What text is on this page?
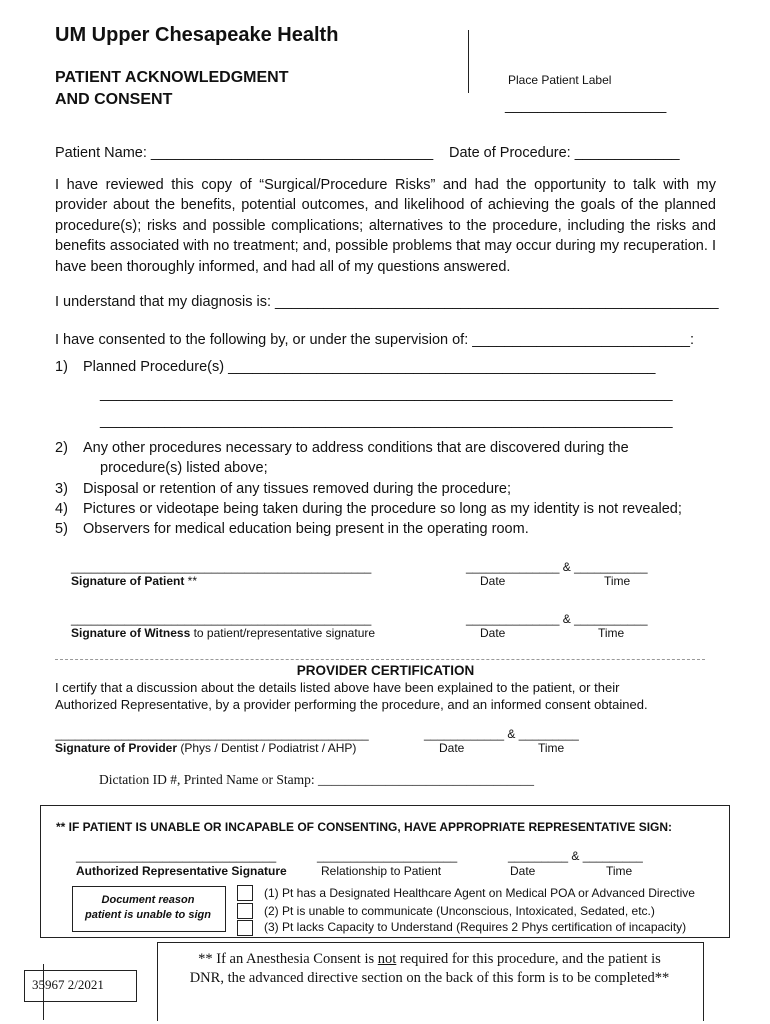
UM Upper Chesapeake Health
PATIENT ACKNOWLEDGMENT
AND CONSENT
Place Patient Label
____________________
Patient Name: ___________________________________ Date of Procedure: _____________
I have reviewed this copy of “Surgical/Procedure Risks” and had the opportunity to talk with my provider about the benefits, potential outcomes, and likelihood of achieving the goals of the planned procedure(s); risks and possible complications; alternatives to the procedure, including the risks and benefits associated with no treatment; and, possible problems that may occur during my recuperation. I have been thoroughly informed, and had all of my questions answered.
I understand that my diagnosis is: _______________________________________________________
I have consented to the following by, or under the supervision of: ___________________________:
1) Planned Procedure(s) _____________________________________________________
_______________________________________________________________________
_______________________________________________________________________
2) Any other procedures necessary to address conditions that are discovered during the
procedure(s) listed above;
3) Disposal or retention of any tissues removed during the procedure;
4) Pictures or videotape being taken during the procedure so long as my identity is not revealed;
5) Observers for medical education being present in the operating room.
_____________________________________________
Signature of Patient **
______________ & ___________
Date	Time
_____________________________________________
Signature of Witness to patient/representative signature
______________ & ___________
Date	Time
PROVIDER CERTIFICATION
I certify that a discussion about the details listed above have been explained to the patient, or their
Authorized Representative, by a provider performing the procedure, and an informed consent obtained.
_______________________________________________
Signature of Provider (Phys / Dentist / Podiatrist / AHP)
____________ & _________
Date	Time
Dictation ID #, Printed Name or Stamp: ________________________________
** IF PATIENT IS UNABLE OR INCAPABLE OF CONSENTING, HAVE APPROPRIATE REPRESENTATIVE SIGN:
______________________________
Authorized Representative Signature
_____________________
Relationship to Patient
_________ & _________
Date	Time
Document reason
patient is unable to sign
(1) Pt has a Designated Healthcare Agent on Medical POA or Advanced Directive
(2) Pt is unable to communicate (Unconscious, Intoxicated, Sedated, etc.)
(3) Pt lacks Capacity to Understand (Requires 2 Phys certification of incapacity)
35967 2/2021
** If an Anesthesia Consent is not required for this procedure, and the patient is
DNR, the advanced directive section on the back of this form is to be completed**
